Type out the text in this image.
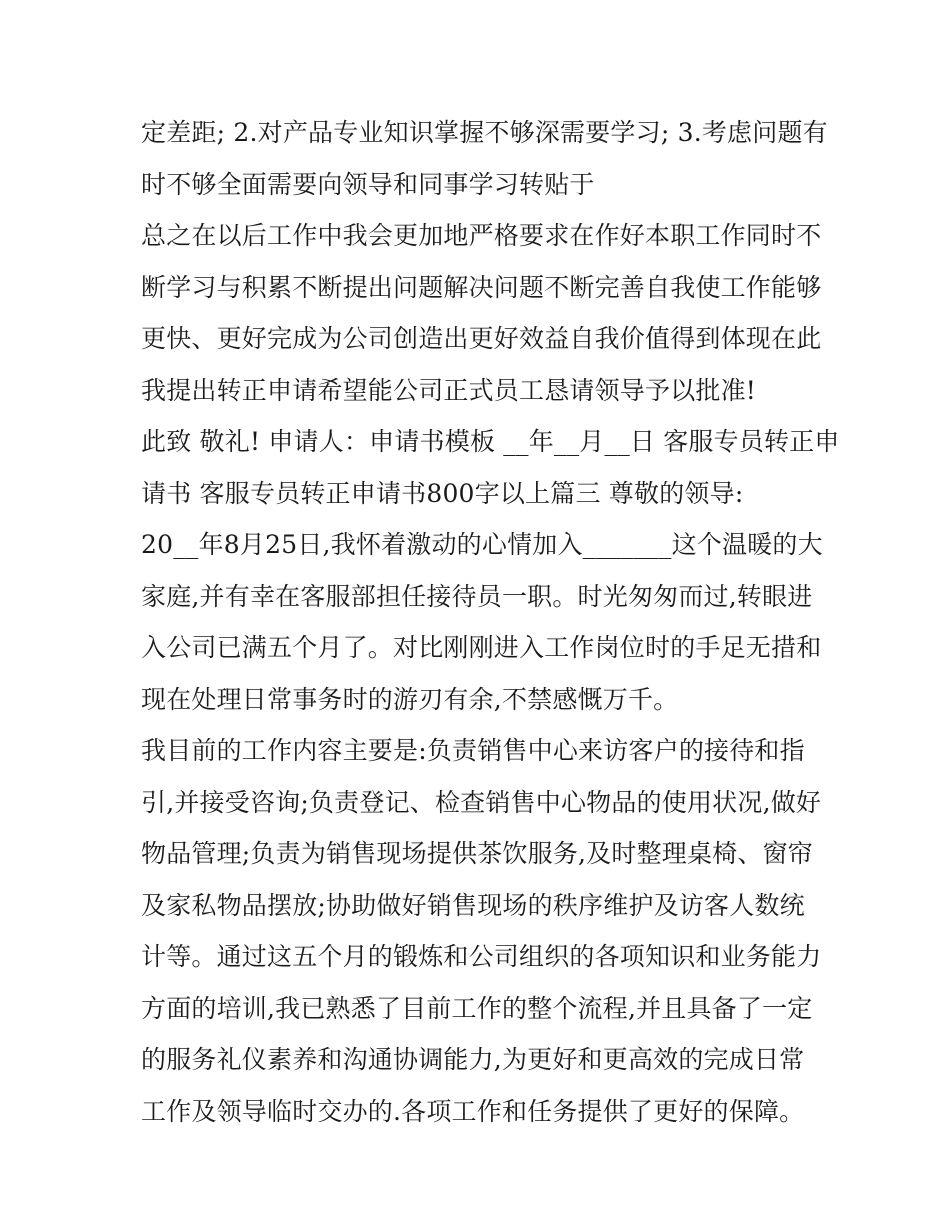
定差距; 2.对产品专业知识掌握不够深需要学习; 3.考虑问题有
时不够全面需要向领导和同事学习转贴于
总之在以后工作中我会更加地严格要求在作好本职工作同时不
断学习与积累不断提出问题解决问题不断完善自我使工作能够
更快、更好完成为公司创造出更好效益自我价值得到体现在此
我提出转正申请希望能公司正式员工恳请领导予以批准!
此致 敬礼! 申请人：申请书模板 __年__月__日 客服专员转正申
请书 客服专员转正申请书800字以上篇三 尊敬的领导:
20__年8月25日,我怀着激动的心情加入_______这个温暖的大
家庭,并有幸在客服部担任接待员一职。时光匆匆而过,转眼进
入公司已满五个月了。对比刚刚进入工作岗位时的手足无措和
现在处理日常事务时的游刃有余,不禁感慨万千。
我目前的工作内容主要是:负责销售中心来访客户的接待和指
引,并接受咨询;负责登记、检查销售中心物品的使用状况,做好
物品管理;负责为销售现场提供茶饮服务,及时整理桌椅、窗帘
及家私物品摆放;协助做好销售现场的秩序维护及访客人数统
计等。通过这五个月的锻炼和公司组织的各项知识和业务能力
方面的培训,我已熟悉了目前工作的整个流程,并且具备了一定
的服务礼仪素养和沟通协调能力,为更好和更高效的完成日常
工作及领导临时交办的.各项工作和任务提供了更好的保障。
